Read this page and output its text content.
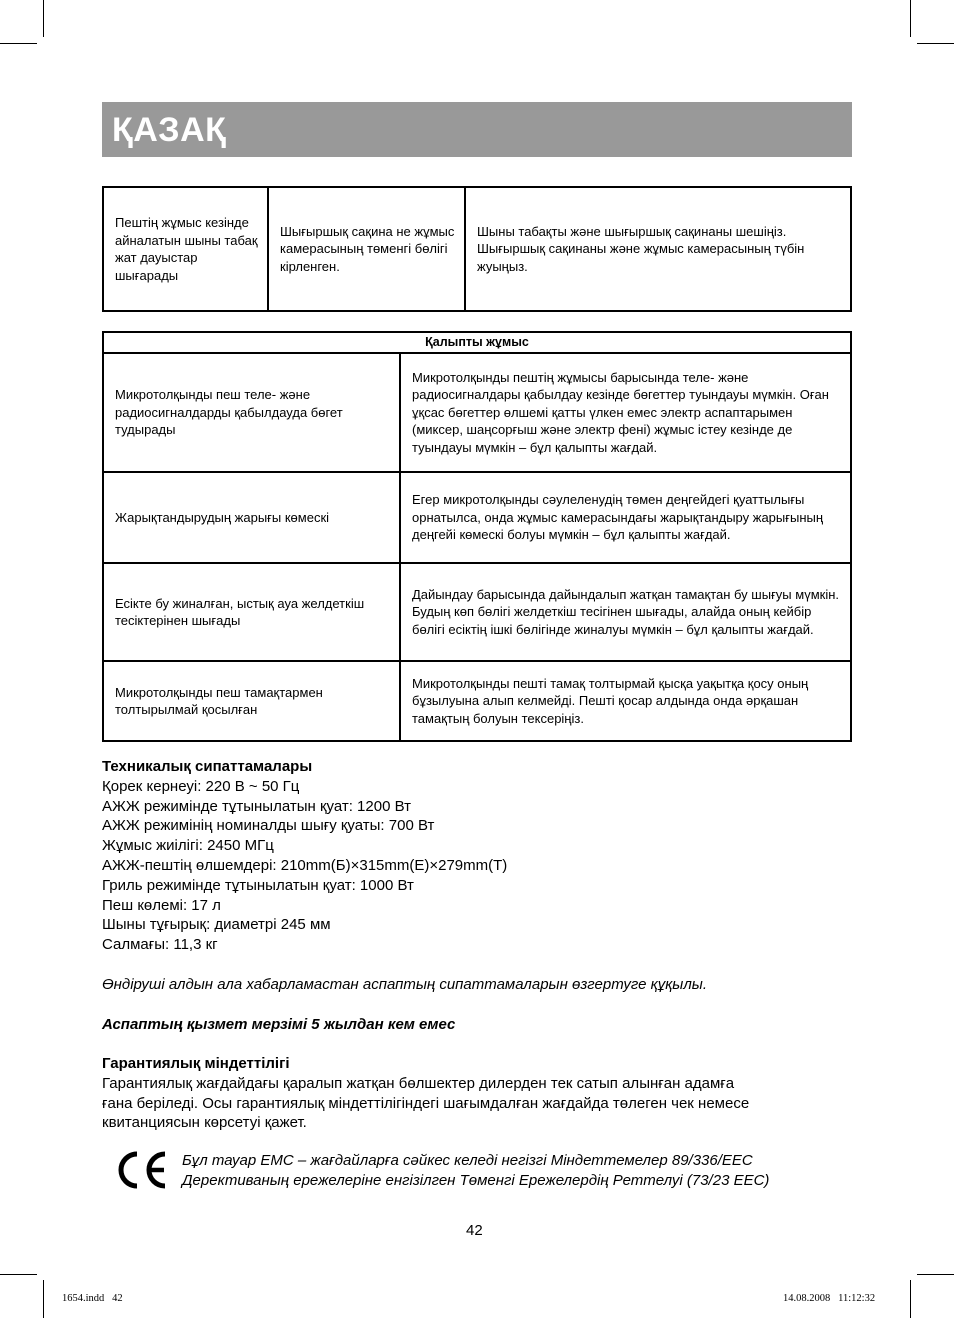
ҚАЗАҚ
Пештің жұмыс кезінде айналатын шыны табақ жат дауыстар шығарады	Шығыршық сақина не жұмыс камерасының төменгі бөлігі кірленген.	Шыны табақты және шығыршық сақинаны шешіңіз. Шығыршық сақинаны және жұмыс камерасының түбін жуыңыз.
Қалыпты жұмыс	
Микротолқынды пеш теле- және радиосигналдарды қабылдауда бөгет тудырады	Микротолқынды пештің жұмысы барысында теле- және радиосигналдары қабылдау кезінде бөгеттер туындауы мүмкін. Оған ұқсас бөгеттер өлшемі қатты үлкен емес электр аспаптарымен (миксер, шаңсорғыш және электр фені) жұмыс істеу кезінде де туындауы мүмкін – бұл қалыпты жағдай.
Жарықтандырудың жарығы көмескі	Егер микротолқынды сәулеленудің төмен деңгейдегі қуаттылығы орнатылса, онда жұмыс камерасындағы жарықтандыру жарығының деңгейі көмескі болуы мүмкін – бұл қалыпты жағдай.
Есікте бу жиналған, ыстық ауа желдеткіш тесіктерінен шығады	Дайындау барысында дайындалып жатқан тамақтан бу шығуы мүмкін. Будың көп бөлігі желдеткіш тесігінен шығады, алайда оның кейбір бөлігі есіктің ішкі бөлігінде жиналуы мүмкін – бұл қалыпты жағдай.
Микротолқынды пеш тамақтармен толтырылмай қосылған	Микротолқынды пешті тамақ толтырмай қысқа уақытқа қосу оның бұзылуына алып келмейді. Пешті қосар алдында онда әрқашан тамақтың болуын тексеріңіз.

Техникалық сипаттамалары

Қорек кернеуі: 220 В ~ 50 Гц

АЖЖ режимінде тұтынылатын қуат: 1200 Вт

АЖЖ режимінің номиналды шығу қуаты: 700 Вт

Жұмыс жиілігі: 2450 МГц

АЖЖ-пештің өлшемдері: 210mm(Б)×315mm(Е)×279mm(Т)

Гриль режимінде тұтынылатын қуат: 1000 Вт

Пеш көлемі: 17 л

Шыны тұғырық: диаметрі 245 мм

Салмағы: 11,3 кг

Өндіруші алдын ала хабарламастан аспаптың сипаттамаларын өзгертуге құқылы.
Аспаптың қызмет мерзімі 5 жылдан кем емес

Гарантиялық міндеттілігі

Гарантиялық жағдайдағы қаралып жатқан бөлшектер дилерден тек сатып алынған адамға

ғана беріледі. Осы гарантиялық міндеттілігіндегі шағымдалған жағдайда төлеген чек немесе

квитанциясын көрсетуі қажет.

Бұл тауар ЕМС – жағдайларға сәйкес келеді негізгі Міндеттемелер 89/336/ЕЕС
Дерективаның ережелеріне енгізілген Төменгі Ережелердің Реттелуі (73/23 ЕЕС)
42
1654.indd   42	14.08.2008   11:12:32
